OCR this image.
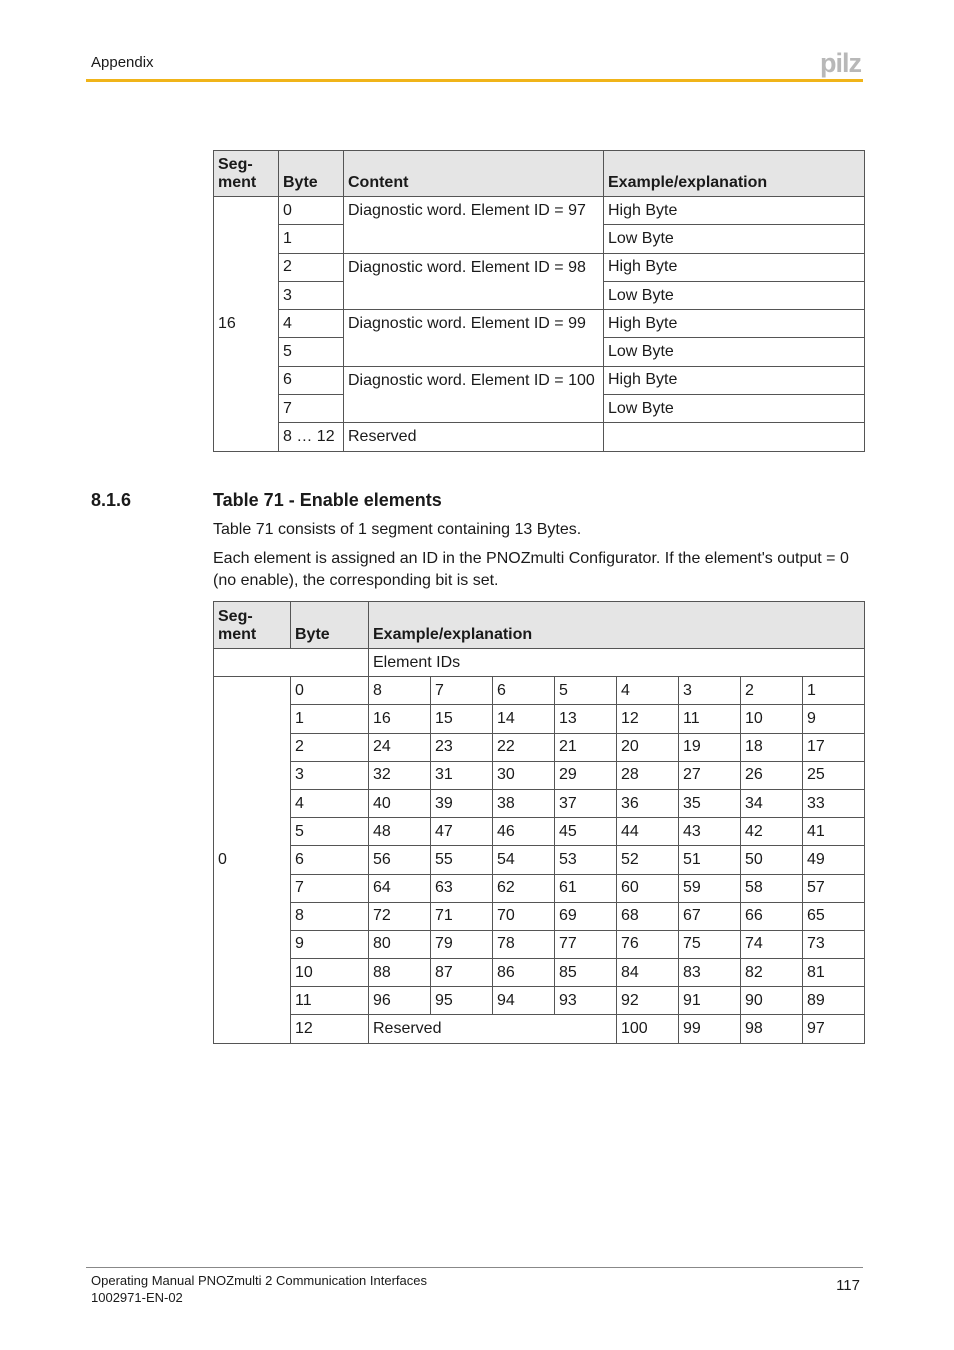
Appendix	pilz
Seg-
ment	Byte	Content	Example/explanation
16	0	Diagnostic word. Element ID = 97	High Byte
	1		Low Byte
	2	Diagnostic word. Element ID = 98	High Byte
	3		Low Byte
	4	Diagnostic word. Element ID = 99	High Byte
	5		Low Byte
	6	Diagnostic word. Element ID = 100	High Byte
	7		Low Byte
	8 … 12	Reserved	
8.1.6	Table 71 - Enable elements
Table 71 consists of 1 segment containing 13 Bytes.
Each element is assigned an ID in the PNOZmulti Configurator. If the element's output = 0 (no enable), the corresponding bit is set.
Seg-
ment	Byte	Example/explanation							
		Element IDs							
0	0	8	7	6	5	4	3	2	1
	1	16	15	14	13	12	11	10	9
	2	24	23	22	21	20	19	18	17
	3	32	31	30	29	28	27	26	25
	4	40	39	38	37	36	35	34	33
	5	48	47	46	45	44	43	42	41
	6	56	55	54	53	52	51	50	49
	7	64	63	62	61	60	59	58	57
	8	72	71	70	69	68	67	66	65
	9	80	79	78	77	76	75	74	73
	10	88	87	86	85	84	83	82	81
	11	96	95	94	93	92	91	90	89
	12	Reserved				100	99	98	97
Operating Manual PNOZmulti 2 Communication Interfaces
1002971-EN-02
117
